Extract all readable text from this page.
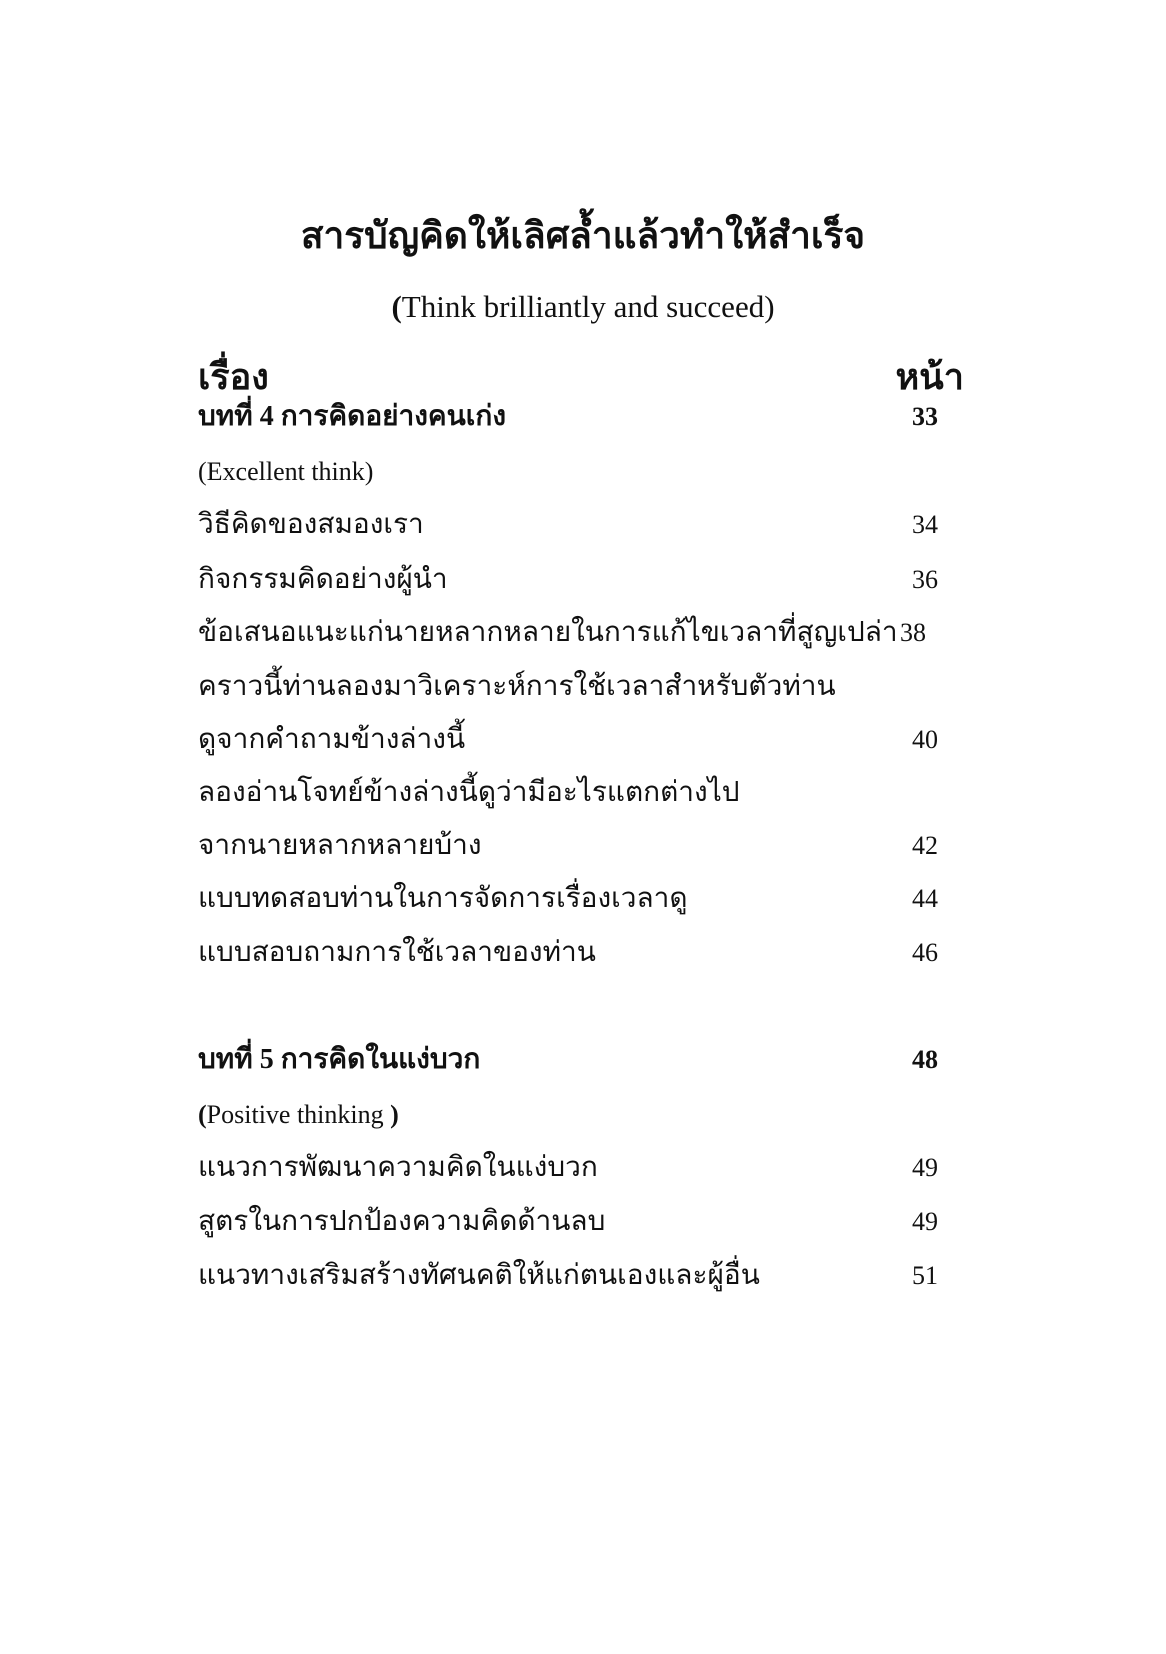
สารบัญคิดให้เลิศล้ำแล้วทำให้สำเร็จ
(Think brilliantly and succeed)
เรื่อง	หน้า
บทที่ 4 การคิดอย่างคนเก่ง	33
(Excellent think)
วิธีคิดของสมองเรา	34
กิจกรรมคิดอย่างผู้นำ	36
ข้อเสนอแนะแก่นายหลากหลายในการแก้ไขเวลาที่สูญเปล่า 38
คราวนี้ท่านลองมาวิเคราะห์การใช้เวลาสำหรับตัวท่าน
ดูจากคำถามข้างล่างนี้	40
ลองอ่านโจทย์ข้างล่างนี้ดูว่ามีอะไรแตกต่างไป
จากนายหลากหลายบ้าง	42
แบบทดสอบท่านในการจัดการเรื่องเวลาดู	44
แบบสอบถามการใช้เวลาของท่าน	46
บทที่ 5 การคิดในแง่บวก	48
(Positive thinking )
แนวการพัฒนาความคิดในแง่บวก	49
สูตรในการปกป้องความคิดด้านลบ	49
แนวทางเสริมสร้างทัศนคติให้แก่ตนเองและผู้อื่น	51
